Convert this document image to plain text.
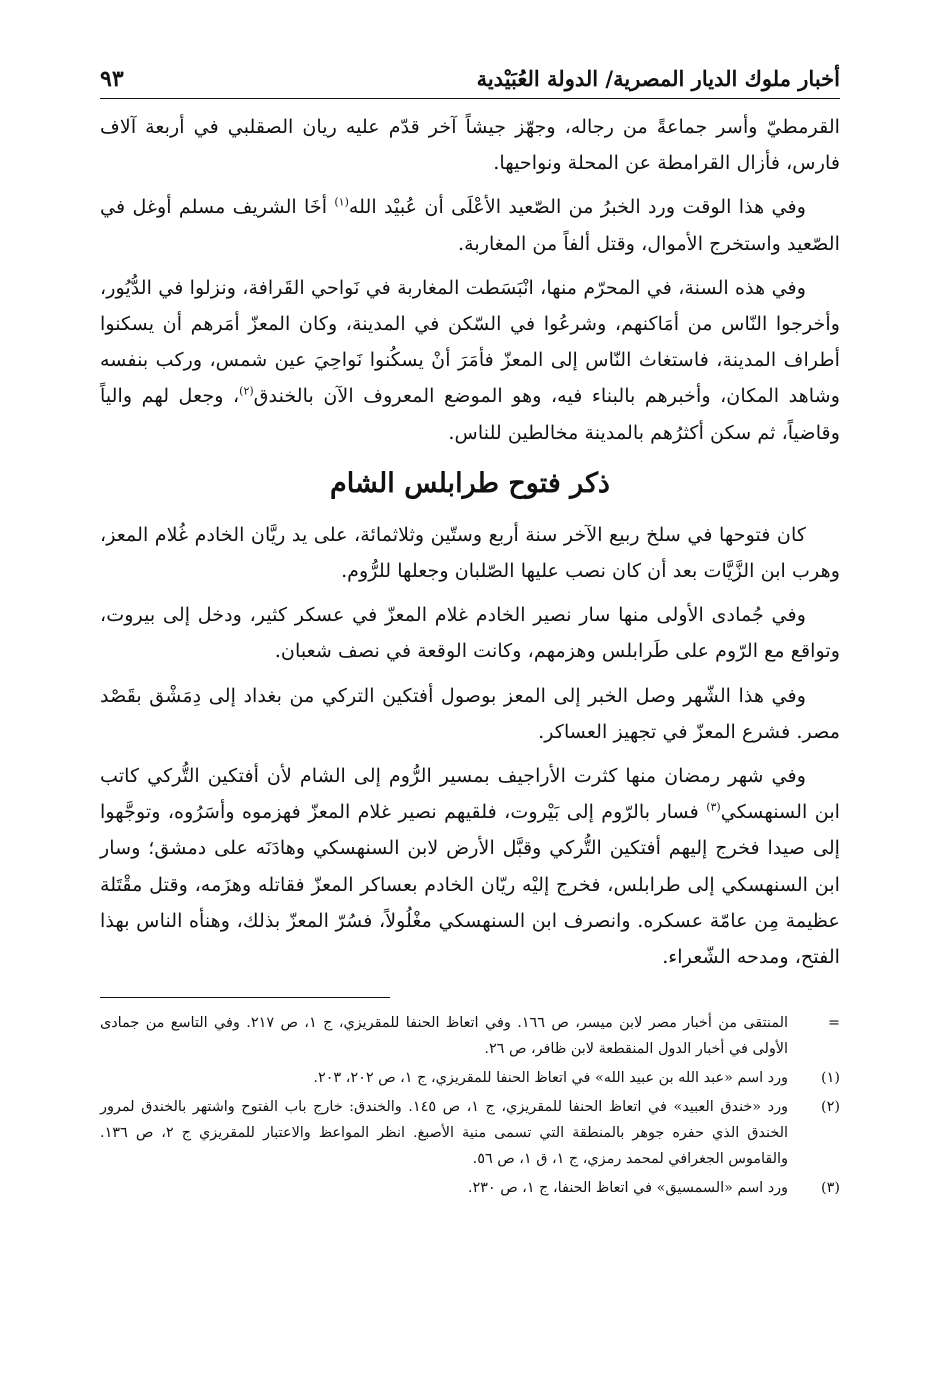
أخبار ملوك الديار المصرية/ الدولة العُبَيْدية
٩٣

القرمطيّ وأسر جماعةً من رجاله، وجهّز جيشاً آخر قدّم عليه ريان الصقلبي في أربعة آلاف فارس، فأزال القرامطة عن المحلة ونواحيها.

وفي هذا الوقت ورد الخبرُ من الصّعيد الأعْلَى أن عُبيْد الله$^{(١)}$ أخَا الشريف مسلم أوغل في الصّعيد واستخرج الأموال، وقتل ألفاً من المغاربة.

وفي هذه السنة، في المحرّم منها، انْبَسَطت المغاربة في نَواحي القَرافة، ونزلوا في الدُّيُور، وأخرجوا النّاس من أمَاكنهم، وشرعُوا في السّكن في المدينة، وكان المعزّ أمَرهم أن يسكنوا أطراف المدينة، فاستغاث النّاس إلى المعزّ فأمَرَ أنْ يسكُنوا نَواحِيَ عين شمس، وركب بنفسه وشاهد المكان، وأخبرهم بالبناء فيه، وهو الموضع المعروف الآن بالخندق$^{(٢)}$، وجعل لهم والياً وقاضياً، ثم سكن أكثرُهم بالمدينة مخالطين للناس.

ذكر فتوح طرابلس الشام

كان فتوحها في سلخ ربيع الآخر سنة أربع وستّين وثلاثمائة، على يد ريَّان الخادم غُلام المعز، وهرب ابن الزَّيَّات بعد أن كان نصب عليها الصّلبان وجعلها للرُّوم.

وفي جُمادى الأولى منها سار نصير الخادم غلام المعزّ في عسكر كثير، ودخل إلى بيروت، وتواقع مع الرّوم على طَرابلس وهزمهم، وكانت الوقعة في نصف شعبان.

وفي هذا الشّهر وصل الخبر إلى المعز بوصول أفتكين التركي من بغداد إلى دِمَشْق بقَصْد مصر. فشرع المعزّ في تجهيز العساكر.

وفي شهر رمضان منها كثرت الأراجيف بمسير الرُّوم إلى الشام لأن أفتكين التُّركي كاتب ابن السنهسكي$^{(٣)}$ فسار بالرّوم إلى بَيْروت، فلقيهم نصير غلام المعزّ فهزموه وأسَرُوه، وتوجَّهوا إلى صيدا فخرج إليهم أفتكين التُّركي وقبَّل الأرض لابن السنهسكي وهادَنَه على دمشق؛ وسار ابن السنهسكي إلى طرابلس، فخرج إليْه ريّان الخادم بعساكر المعزّ فقاتله وهزَمه، وقتل مقْتَلة عظيمة مِن عامّة عسكره. وانصرف ابن السنهسكي مغْلُولاً، فسُرّ المعزّ بذلك، وهنأه الناس بهذا الفتح، ومدحه الشّعراء.

=
المنتقى من أخبار مصر لابن ميسر، ص ١٦٦. وفي اتعاظ الحنفا للمقريزي، ج ١، ص ٢١٧. وفي التاسع من جمادى الأولى في أخبار الدول المنقطعة لابن ظافر، ص ٢٦.
(١)
ورد اسم «عبد الله بن عبيد الله» في اتعاظ الحنفا للمقريزي، ج ١، ص ٢٠٢، ٢٠٣.
(٢)
ورد «خندق العبيد» في اتعاظ الحنفا للمقريزي، ج ١، ص ١٤٥. والخندق: خارج باب الفتوح واشتهر بالخندق لمرور الخندق الذي حفره جوهر بالمنطقة التي تسمى منية الأصبغ. انظر المواعظ والاعتبار للمقريزي ج ٢، ص ١٣٦. والقاموس الجغرافي لمحمد رمزي، ج ١، ق ١، ص ٥٦.
(٣)
ورد اسم «السمسيق» في اتعاظ الحنفا، ج ١، ص ٢٣٠.
